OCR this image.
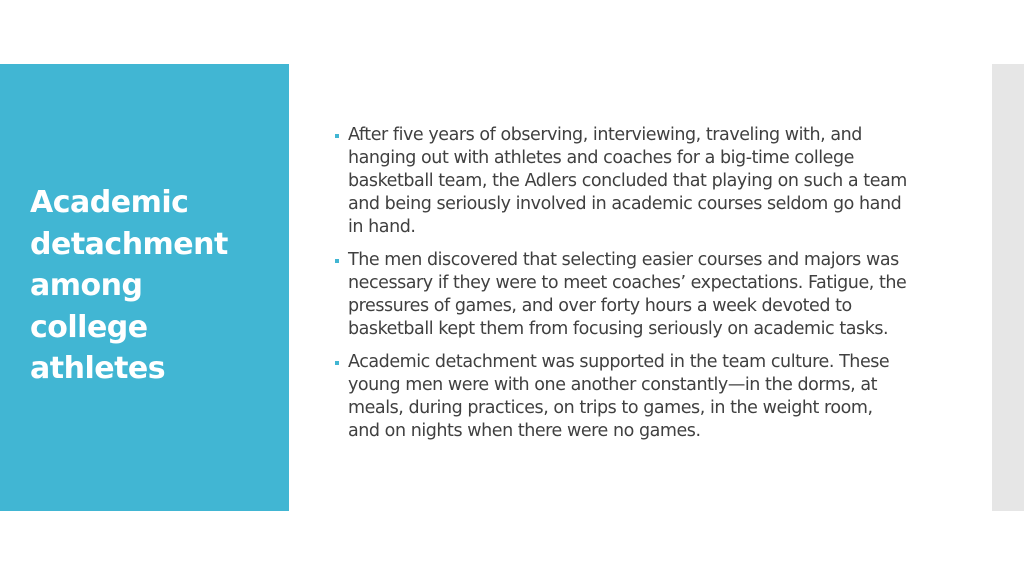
Academic
detachment
among
college
athletes
After five years of observing, interviewing, traveling with, and
hanging out with athletes and coaches for a big-time college
basketball team, the Adlers concluded that playing on such a team
and being seriously involved in academic courses seldom go hand
in hand.
The men discovered that selecting easier courses and majors was
necessary if they were to meet coaches’ expectations. Fatigue, the
pressures of games, and over forty hours a week devoted to
basketball kept them from focusing seriously on academic tasks.
Academic detachment was supported in the team culture. These
young men were with one another constantly—in the dorms, at
meals, during practices, on trips to games, in the weight room,
and on nights when there were no games.
